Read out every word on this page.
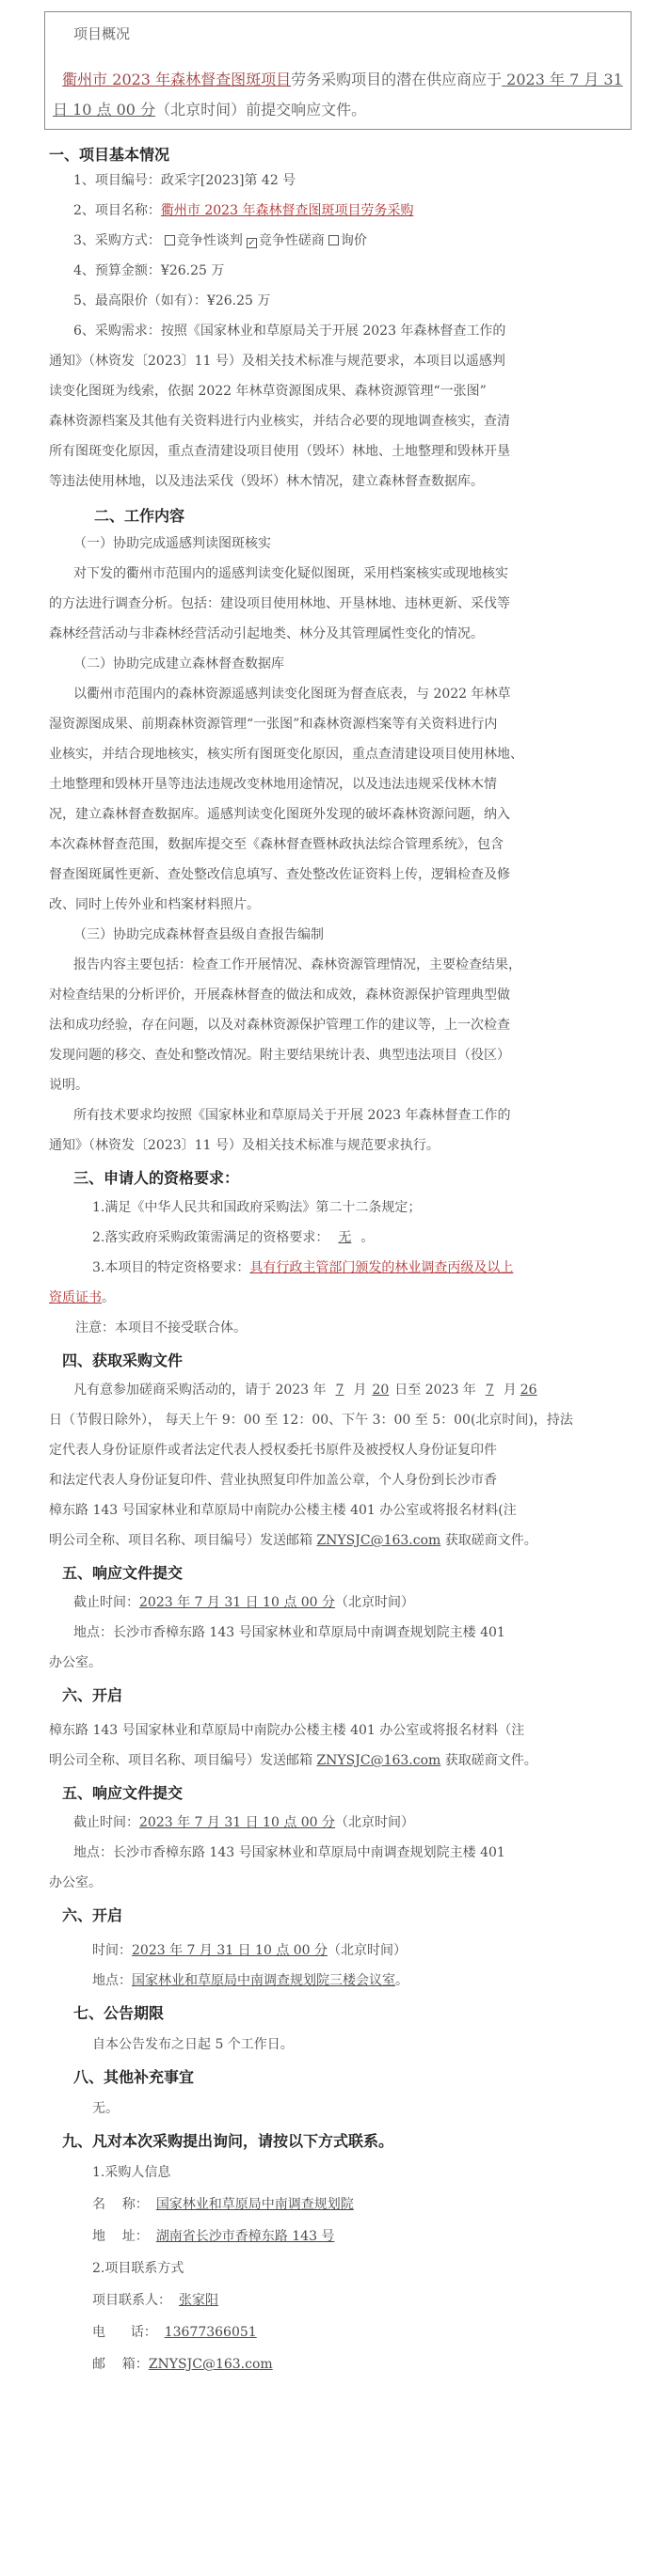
项目概况
衢州市 2023 年森林督查图斑项目劳务采购项目的潜在供应商应于 2023 年 7 月 31 日 10 点 00 分（北京时间）前提交响应文件。
一、项目基本情况
1、项目编号：政采字[2023]第 42 号
2、项目名称：衢州市 2023 年森林督查图斑项目劳务采购
3、采购方式： 竞争性谈判 ✓ 竞争性磋商 询价
4、预算金额：¥26.25 万
5、最高限价（如有）：¥26.25 万
6、采购需求：按照《国家林业和草原局关于开展 2023 年森林督查工作的
通知》（林资发〔2023〕11 号）及相关技术标准与规范要求，本项目以遥感判
读变化图斑为线索，依据 2022 年林草资源图成果、森林资源管理“一张图”
森林资源档案及其他有关资料进行内业核实，并结合必要的现地调查核实，查清
所有图斑变化原因，重点查清建设项目使用（毁坏）林地、土地整理和毁林开垦
等违法使用林地，以及违法采伐（毁坏）林木情况，建立森林督查数据库。
二、工作内容
（一）协助完成遥感判读图斑核实
对下发的衢州市范围内的遥感判读变化疑似图斑，采用档案核实或现地核实
的方法进行调查分析。包括：建设项目使用林地、开垦林地、违林更新、采伐等
森林经营活动与非森林经营活动引起地类、林分及其管理属性变化的情况。
（二）协助完成建立森林督查数据库
以衢州市范围内的森林资源遥感判读变化图斑为督查底表，与 2022 年林草
湿资源图成果、前期森林资源管理“一张图”和森林资源档案等有关资料进行内
业核实，并结合现地核实，核实所有图斑变化原因，重点查清建设项目使用林地、
土地整理和毁林开垦等违法违规改变林地用途情况，以及违法违规采伐林木情
况，建立森林督查数据库。遥感判读变化图斑外发现的破坏森林资源问题，纳入
本次森林督查范围，数据库提交至《森林督查暨林政执法综合管理系统》，包含
督查图斑属性更新、查处整改信息填写、查处整改佐证资料上传，逻辑检查及修
改、同时上传外业和档案材料照片。
（三）协助完成森林督查县级自查报告编制
报告内容主要包括：检查工作开展情况、森林资源管理情况，主要检查结果，
对检查结果的分析评价，开展森林督查的做法和成效，森林资源保护管理典型做
法和成功经验，存在问题，以及对森林资源保护管理工作的建议等，上一次检查
发现问题的移交、查处和整改情况。附主要结果统计表、典型违法项目（役区）
说明。
所有技术要求均按照《国家林业和草原局关于开展 2023 年森林督查工作的
通知》（林资发〔2023〕11 号）及相关技术标准与规范要求执行。
三、申请人的资格要求：
1.满足《中华人民共和国政府采购法》第二十二条规定；
2.落实政府采购政策需满足的资格要求： 无 。
3.本项目的特定资格要求：具有行政主管部门颁发的林业调查丙级及以上
资质证书。
注意：本项目不接受联合体。
四、获取采购文件
凡有意参加磋商采购活动的，请于 2023 年 7 月 20 日至 2023 年 7 月 26
日（节假日除外）， 每天上午 9：00 至 12：00、下午 3：00 至 5：00(北京时间)，持法
定代表人身份证原件或者法定代表人授权委托书原件及被授权人身份证复印件
和法定代表人身份证复印件、营业执照复印件加盖公章，个人身份到长沙市香
樟东路 143 号国家林业和草原局中南院办公楼主楼 401 办公室或将报名材料(注
明公司全称、项目名称、项目编号）发送邮箱 ZNYSJC@163.com 获取磋商文件。
五、响应文件提交
截止时间：2023 年 7 月 31 日 10 点 00 分（北京时间）
地点：长沙市香樟东路 143 号国家林业和草原局中南调查规划院主楼 401
办公室。
六、开启
樟东路 143 号国家林业和草原局中南院办公楼主楼 401 办公室或将报名材料（注
明公司全称、项目名称、项目编号）发送邮箱 ZNYSJC@163.com 获取磋商文件。
五、响应文件提交
截止时间：2023 年 7 月 31 日 10 点 00 分（北京时间）
地点：长沙市香樟东路 143 号国家林业和草原局中南调查规划院主楼 401
办公室。
六、开启
时间：2023 年 7 月 31 日 10 点 00 分（北京时间）
地点：国家林业和草原局中南调查规划院三楼会议室。
七、公告期限
自本公告发布之日起 5 个工作日。
八、其他补充事宜
无。
九、凡对本次采购提出询问，请按以下方式联系。
1.采购人信息
名    称： 国家林业和草原局中南调查规划院
地    址： 湖南省长沙市香樟东路 143 号
2.项目联系方式
项目联系人： 张家阳
电      话： 13677366051
邮    箱：ZNYSJC@163.com
